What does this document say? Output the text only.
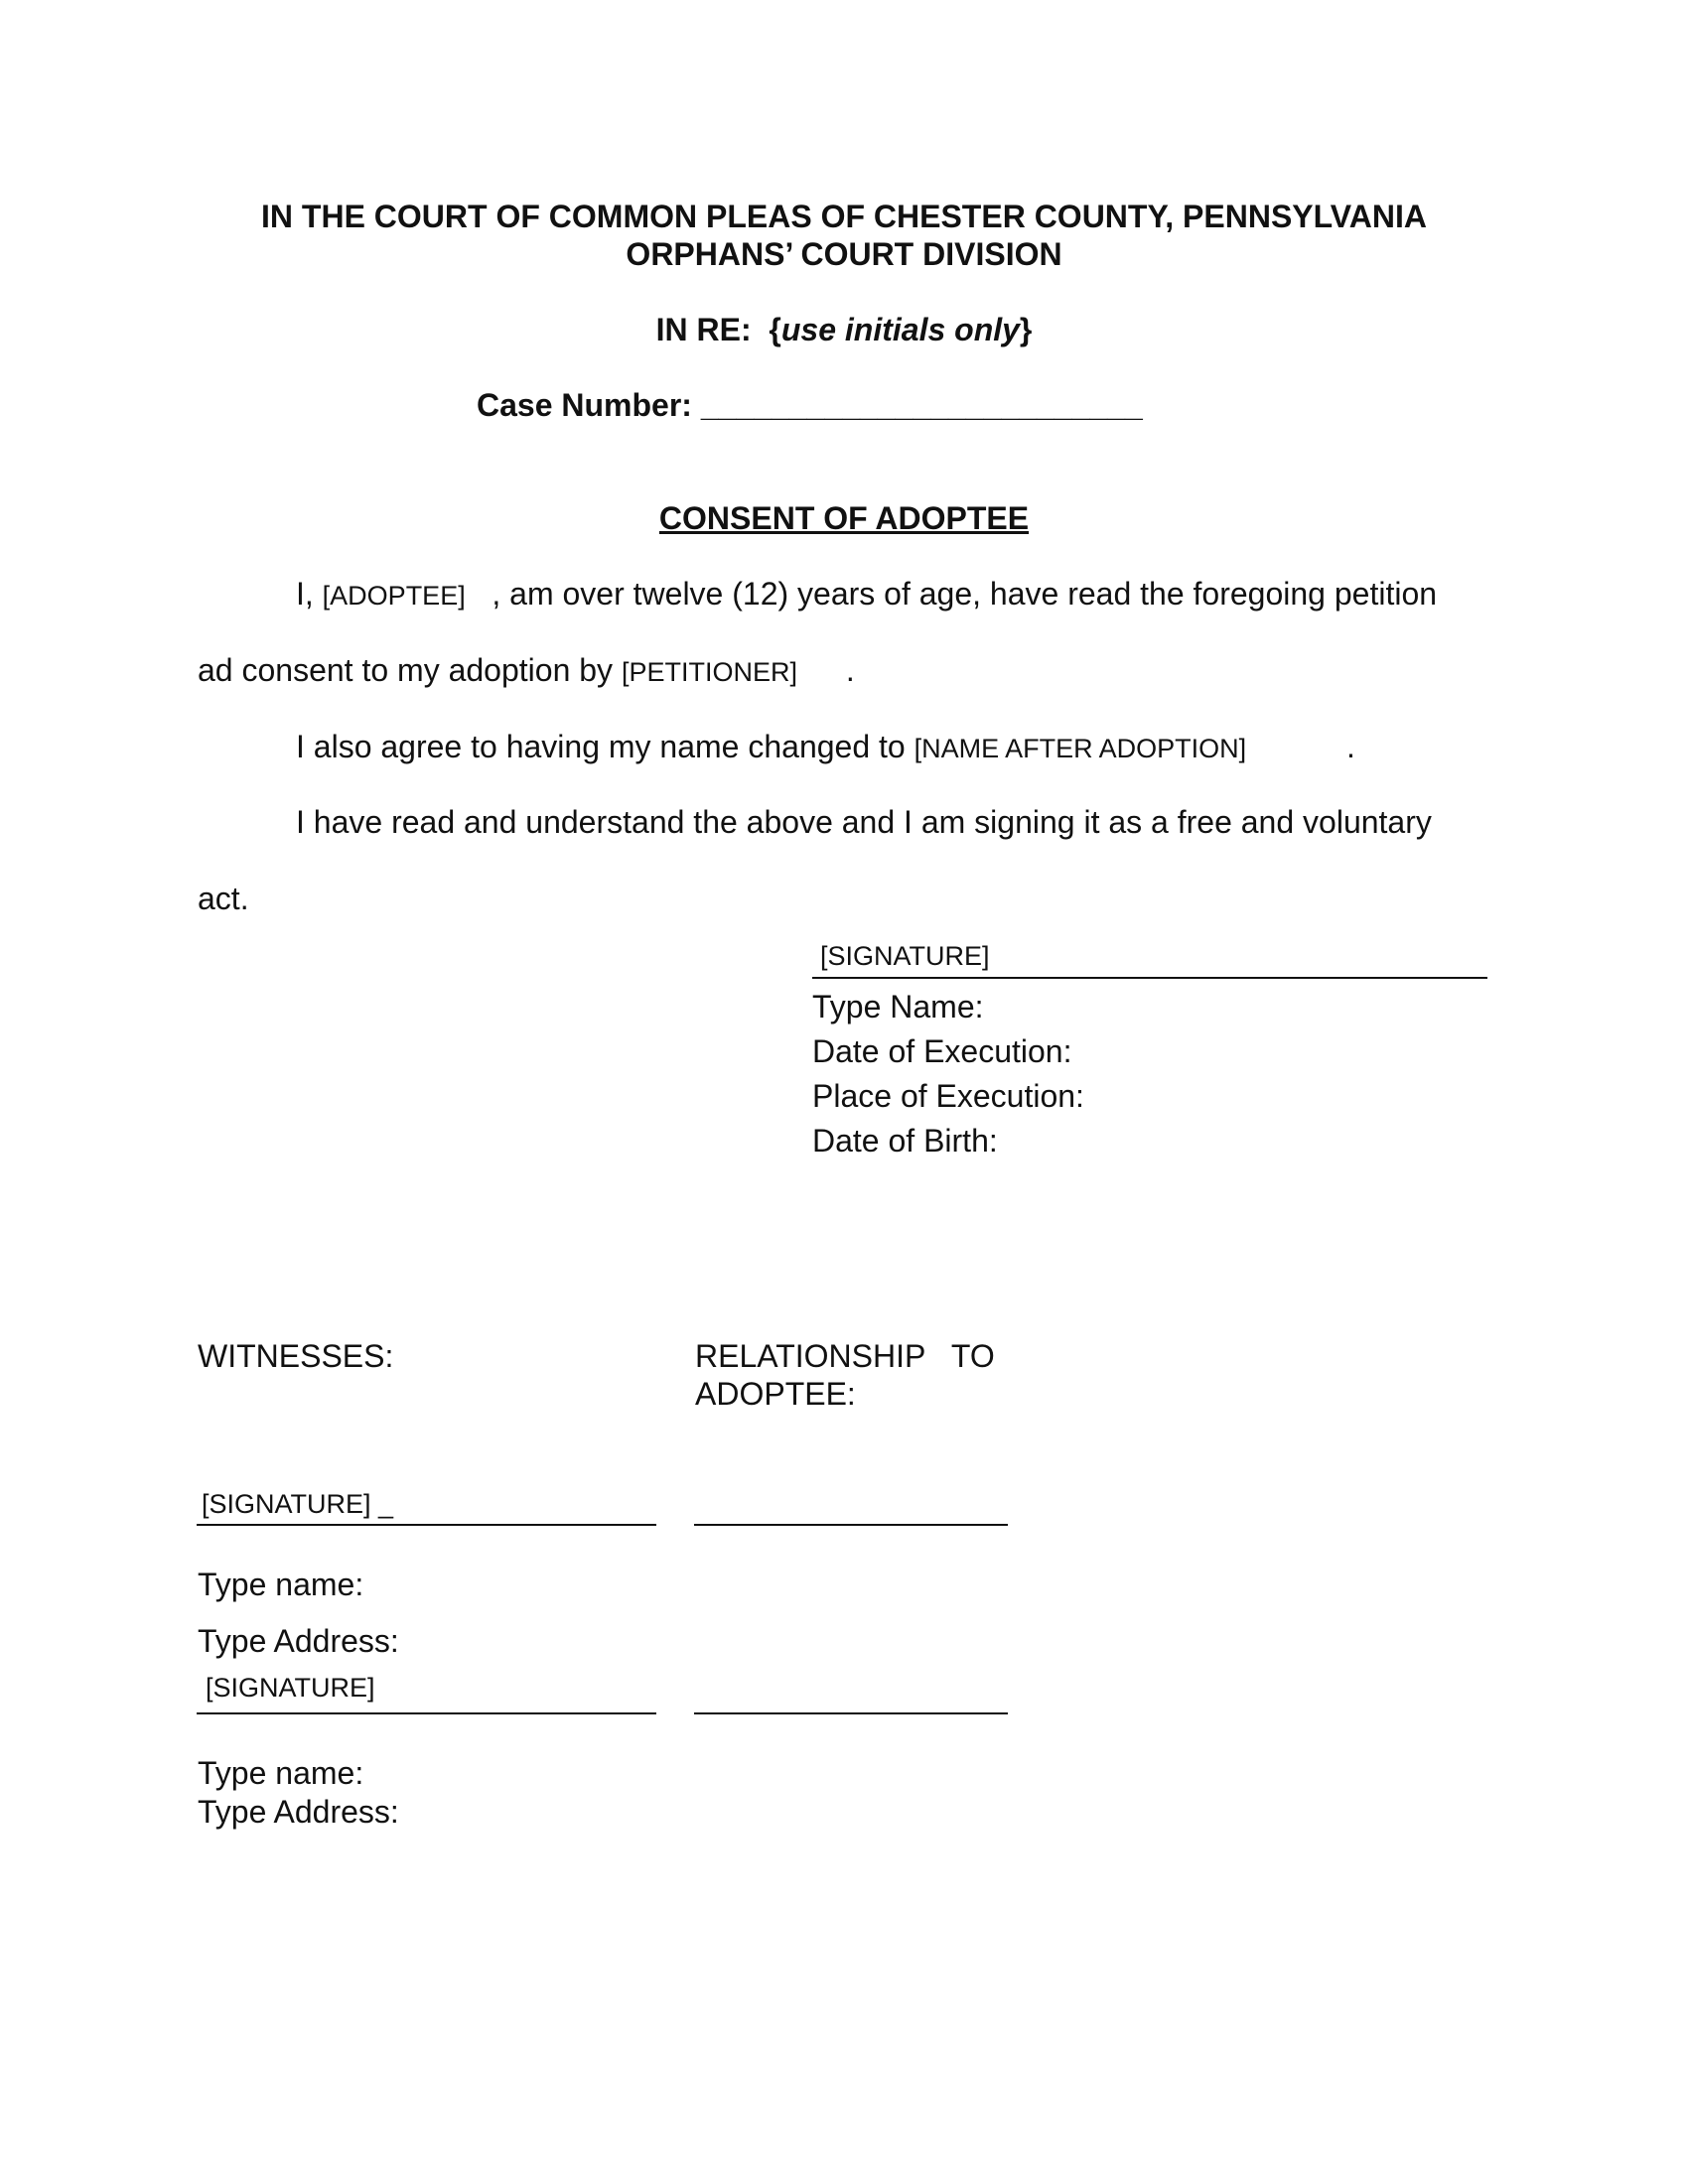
IN THE COURT OF COMMON PLEAS OF CHESTER COUNTY, PENNSYLVANIA
ORPHANS’ COURT DIVISION
IN RE: {use initials only}
Case Number: _________________________
CONSENT OF ADOPTEE
I, [ADOPTEE] , am over twelve (12) years of age, have read the foregoing petition
ad consent to my adoption by [PETITIONER] .
I also agree to having my name changed to [NAME AFTER ADOPTION]	.
I have read and understand the above and I am signing it as a free and voluntary
act.
[SIGNATURE]
Type Name:
Date of Execution:
Place of Execution:
Date of Birth:
WITNESSES:	RELATIONSHIP   TO
ADOPTEE:
[SIGNATURE] _
Type name:
Type Address:
[SIGNATURE]
Type name:
Type Address:
